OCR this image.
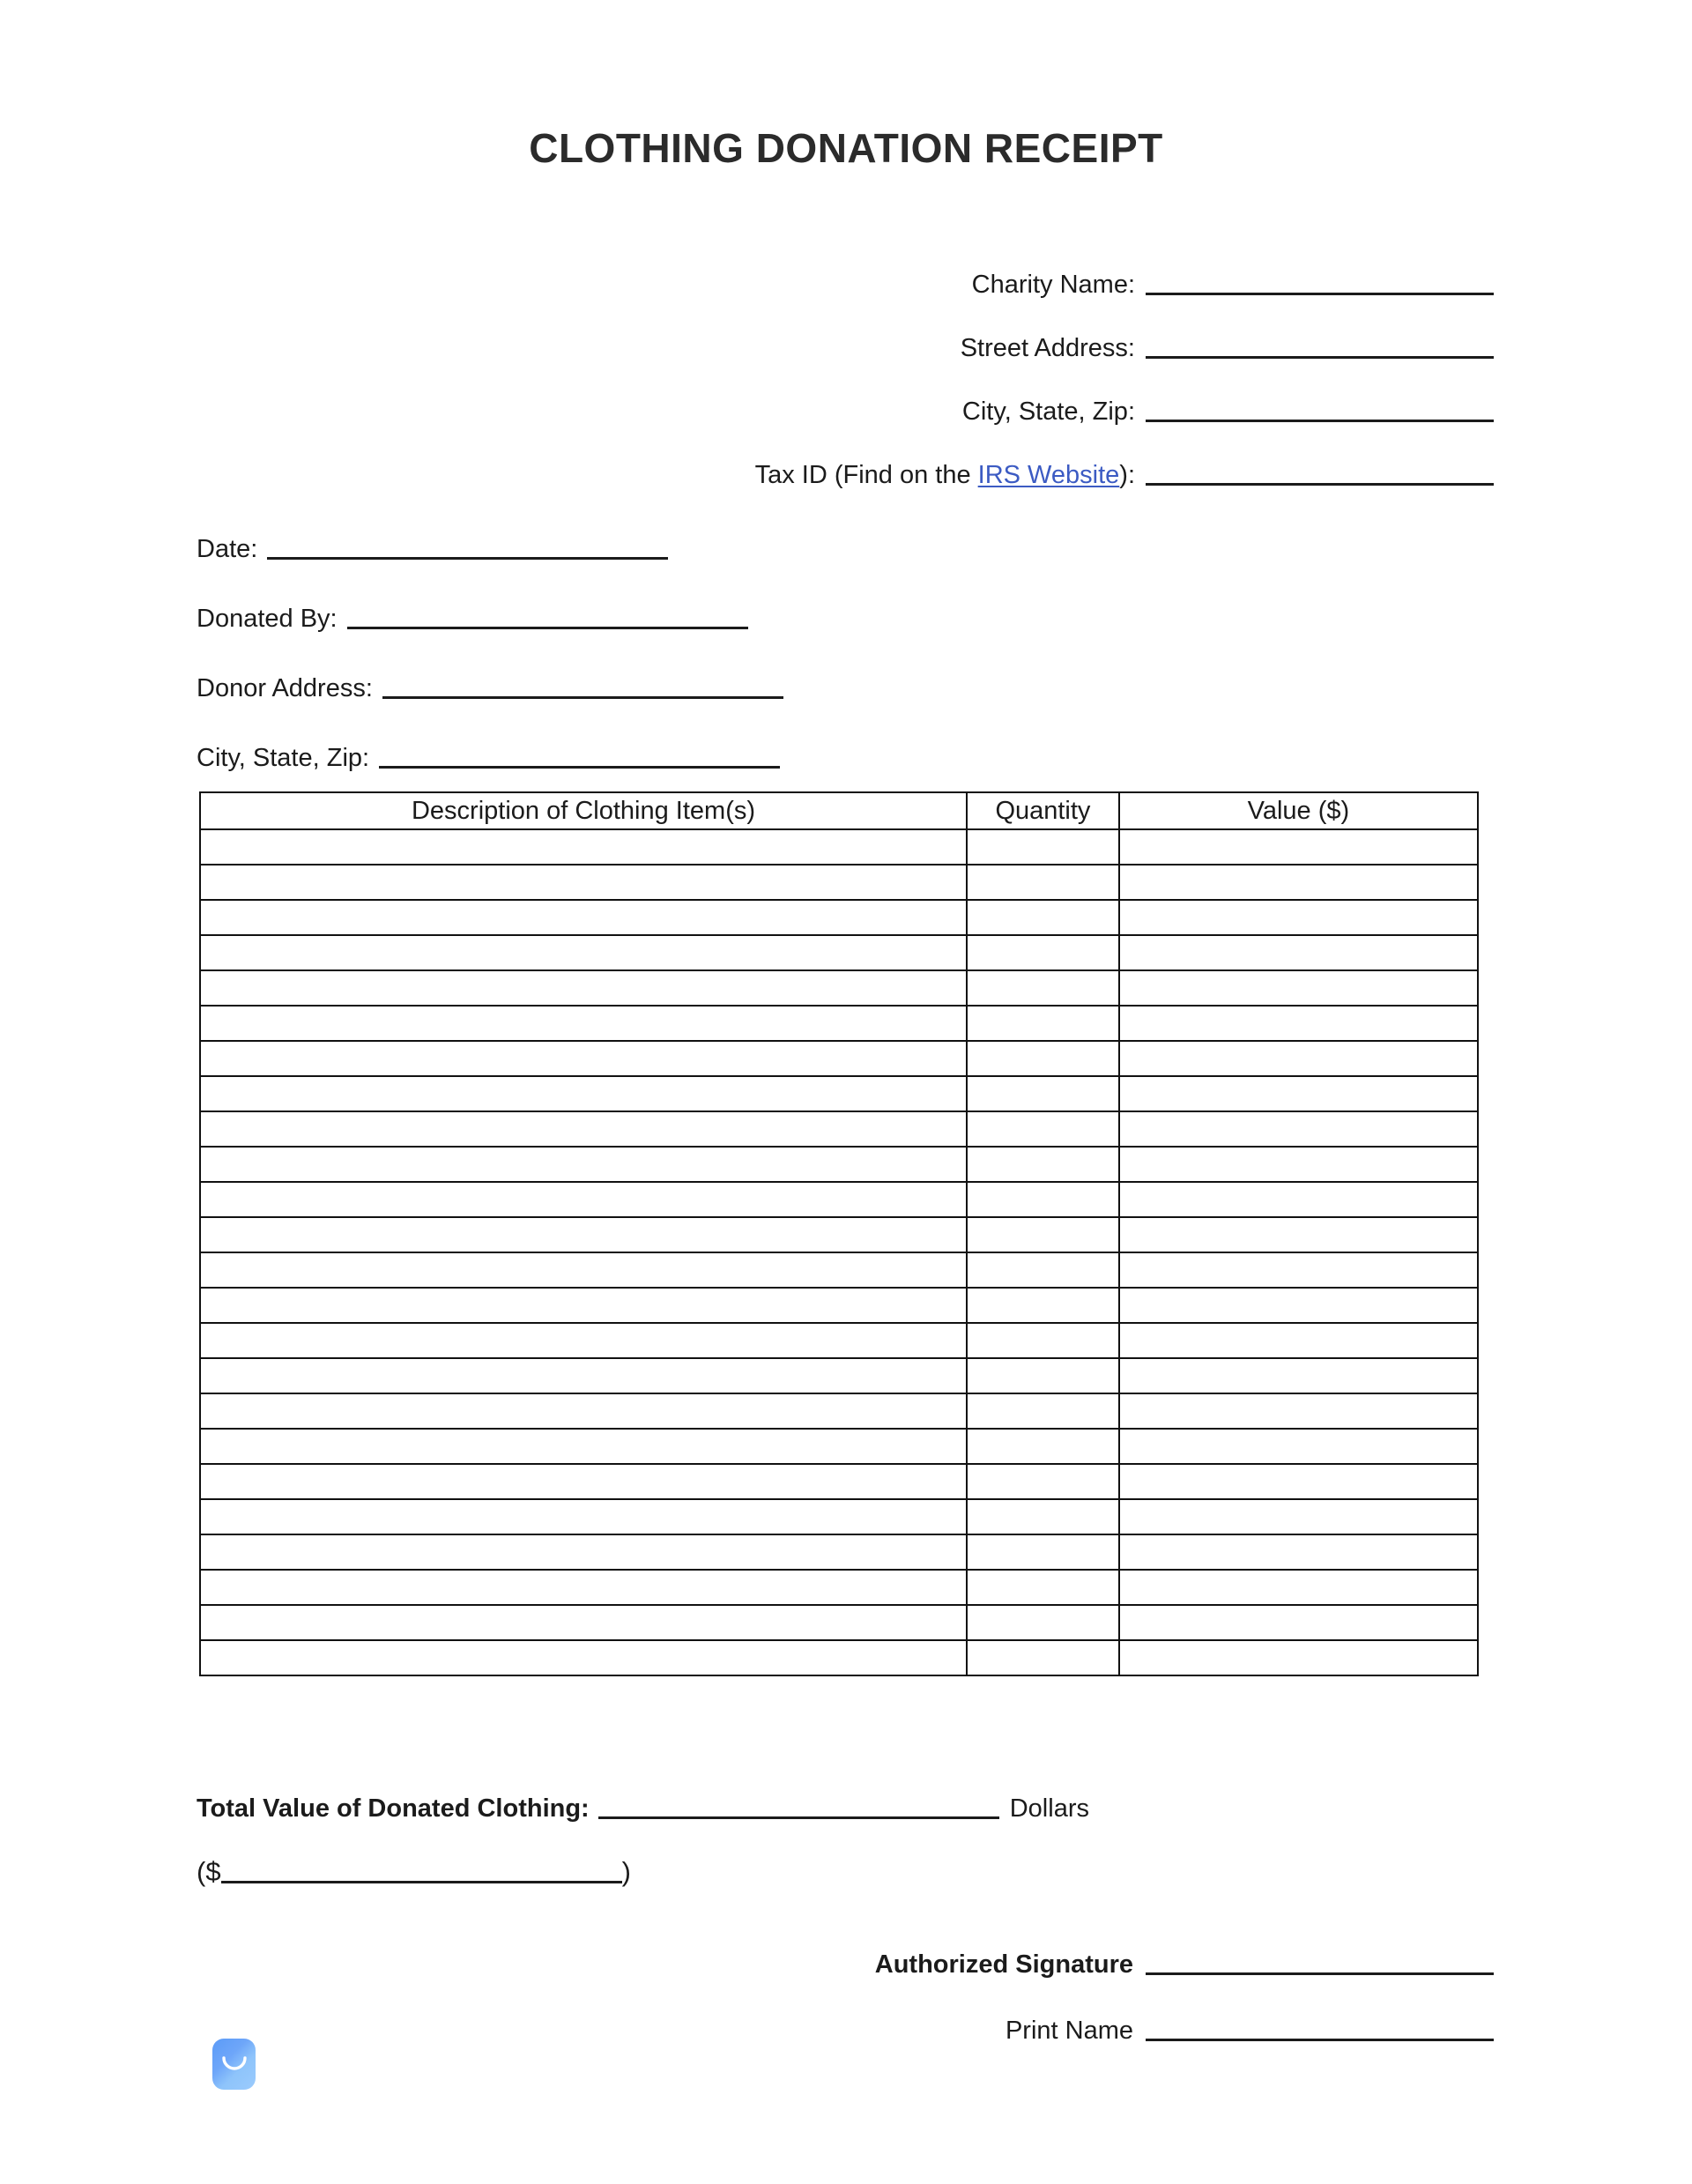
CLOTHING DONATION RECEIPT
Charity Name:
Street Address:
City, State, Zip:
Tax ID (Find on the IRS Website):
Date:
Donated By:
Donor Address:
City, State, Zip:
Description of Clothing Item(s)	Quantity	Value ($)

Total Value of Donated Clothing:	Dollars
($	)
Authorized Signature
Print Name
